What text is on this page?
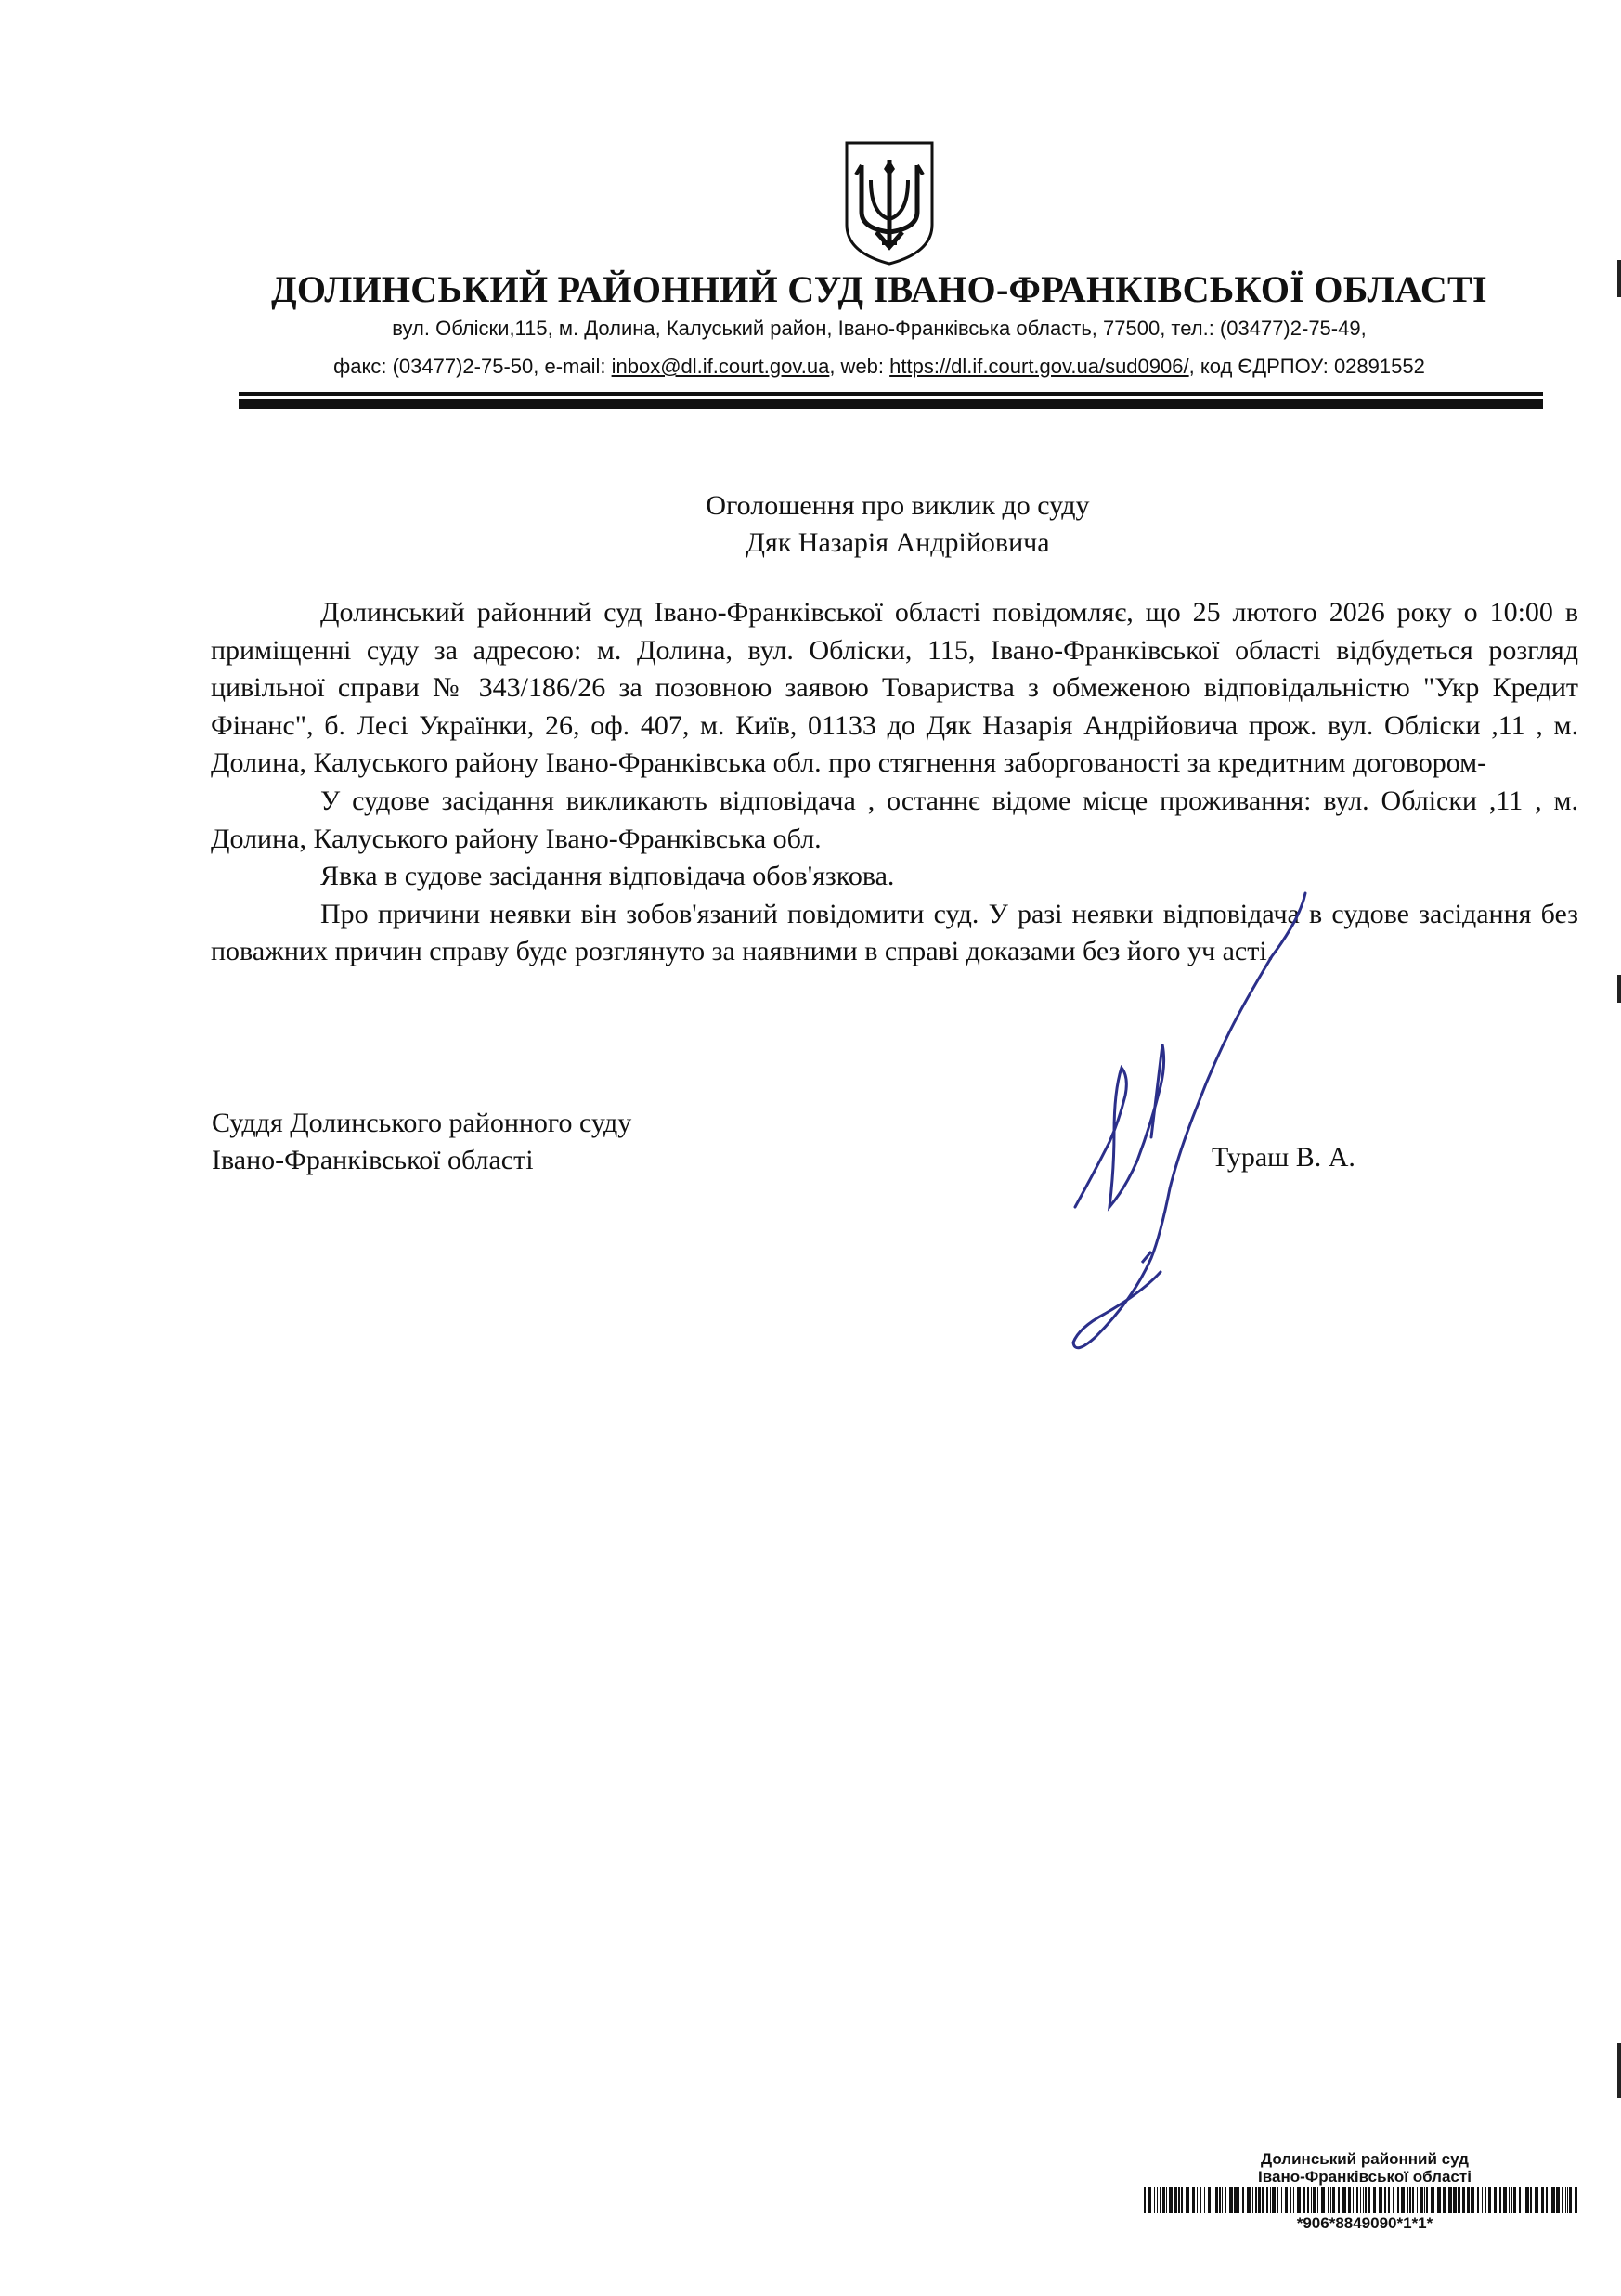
ДОЛИНСЬКИЙ РАЙОННИЙ СУД ІВАНО-ФРАНКІВСЬКОЇ ОБЛАСТІ
вул. Обліски,115, м. Долина, Калуський район, Івано-Франківська область, 77500, тел.: (03477)2-75-49,
факс: (03477)2-75-50, e-mail: inbox@dl.if.court.gov.ua, web: https://dl.if.court.gov.ua/sud0906/, код ЄДРПОУ: 02891552
Оголошення про виклик до суду
Дяк Назарія Андрійовича

Долинський районний суд Івано-Франківської області повідомляє, що 25 лютого 2026 року о 10:00 в приміщенні суду за адресою: м. Долина, вул. Обліски, 115, Івано-Франківської області відбудеться розгляд цивільної справи № 343/186/26 за позовною заявою Товариства з обмеженою відповідальністю "Укр Кредит Фінанс", б. Лесі Українки, 26, оф. 407, м. Київ, 01133 до Дяк Назарія Андрійовича прож. вул. Обліски ,11 , м. Долина, Калуського району Івано-Франківська обл. про стягнення заборгованості за кредитним договором-

У судове засідання викликають відповідача , останнє відоме місце проживання: вул. Обліски ,11 , м. Долина, Калуського району Івано-Франківська обл.

Явка в судове засідання відповідача обов'язкова.

Про причини неявки він зобов'язаний повідомити суд. У разі неявки відповідача в судове засідання без поважних причин справу буде розглянуто за наявними в справі доказами без його уч асті.

Суддя Долинського районного суду
Івано-Франківської області	Тураш В. А.
Долинський районний суд
Івано-Франківської області
*906*8849090*1*1*
